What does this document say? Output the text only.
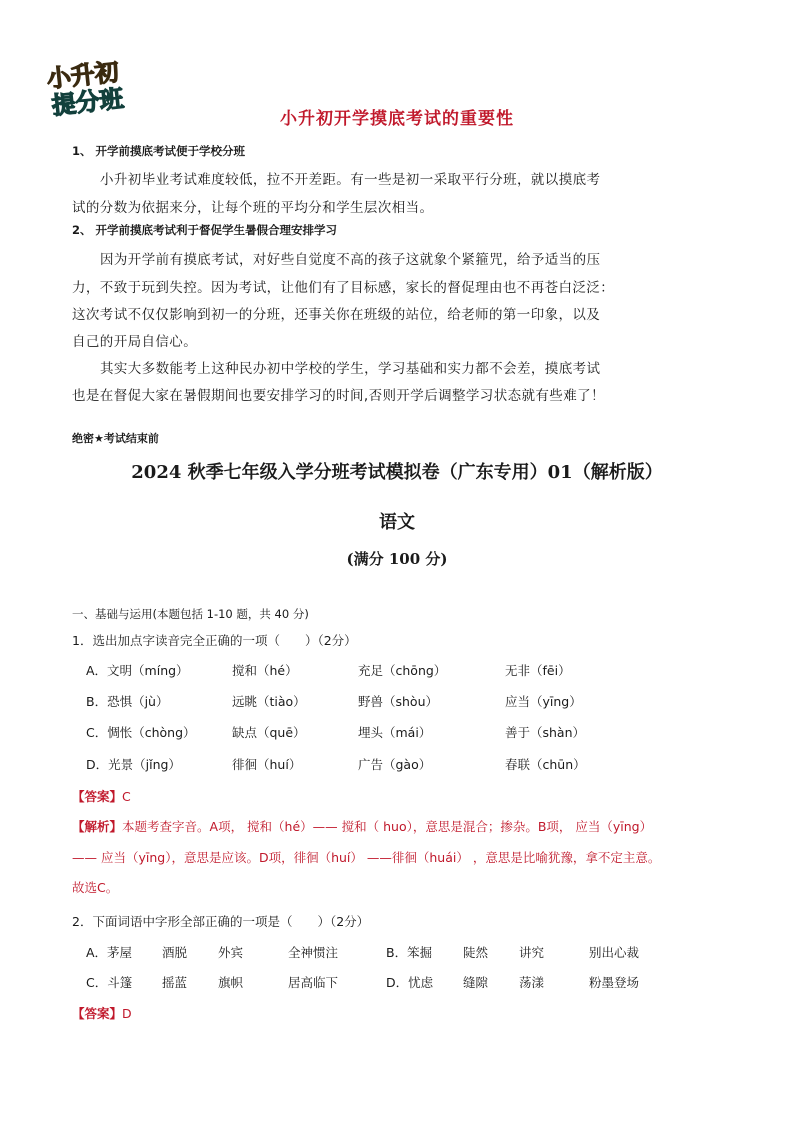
小升初
提分班	小升初开学摸底考试的重要性
1、 开学前摸底考试便于学校分班
小升初毕业考试难度较低，拉不开差距。有一些是初一采取平行分班，就以摸底考
试的分数为依据来分，让每个班的平均分和学生层次相当。
2、 开学前摸底考试利于督促学生暑假合理安排学习
因为开学前有摸底考试，对好些自觉度不高的孩子这就象个紧箍咒，给予适当的压
力，不致于玩到失控。因为考试，让他们有了目标感，家长的督促理由也不再苍白泛泛：
这次考试不仅仅影响到初一的分班，还事关你在班级的站位，给老师的第一印象，以及
自己的开局自信心。
其实大多数能考上这种民办初中学校的学生，学习基础和实力都不会差，摸底考试
也是在督促大家在暑假期间也要安排学习的时间,否则开学后调整学习状态就有些难了！
绝密★考试结束前
2024 秋季七年级入学分班考试模拟卷（广东专用）01（解析版）
语文
(满分 100 分)
一、基础与运用(本题包括 1-10 题，共 40 分)
1．选出加点字读音完全正确的一项（　　）（2分）
A．文明（míng）	搅和（hé）	充足（chōng）	无非（fēi）
B．恐惧（jù）	远眺（tiào）	野兽（shòu）	应当（yīng）
C．惆怅（chòng）	缺点（quē）	埋头（mái）	善于（shàn）
D．光景（jǐng）	徘徊（huí）	广告（gào）	春联（chūn）
【答案】C
【解析】本题考查字音。A项， 搅和（hé）—— 搅和（ huo），意思是混合；掺杂。B项， 应当（yīng）
—— 应当（yīng），意思是应该。D项，徘徊（huí） ——徘徊（huái） ，意思是比喻犹豫，拿不定主意。
故选C。
2．下面词语中字形全部正确的一项是（　　）（2分）
A．茅屋 酒脱 外宾	全神惯注	B．笨掘 陡然 讲究	别出心裁
C．斗篷 摇蓝 旗帜	居高临下	D．忧虑 缝隙 荡漾	粉墨登场
【答案】D
